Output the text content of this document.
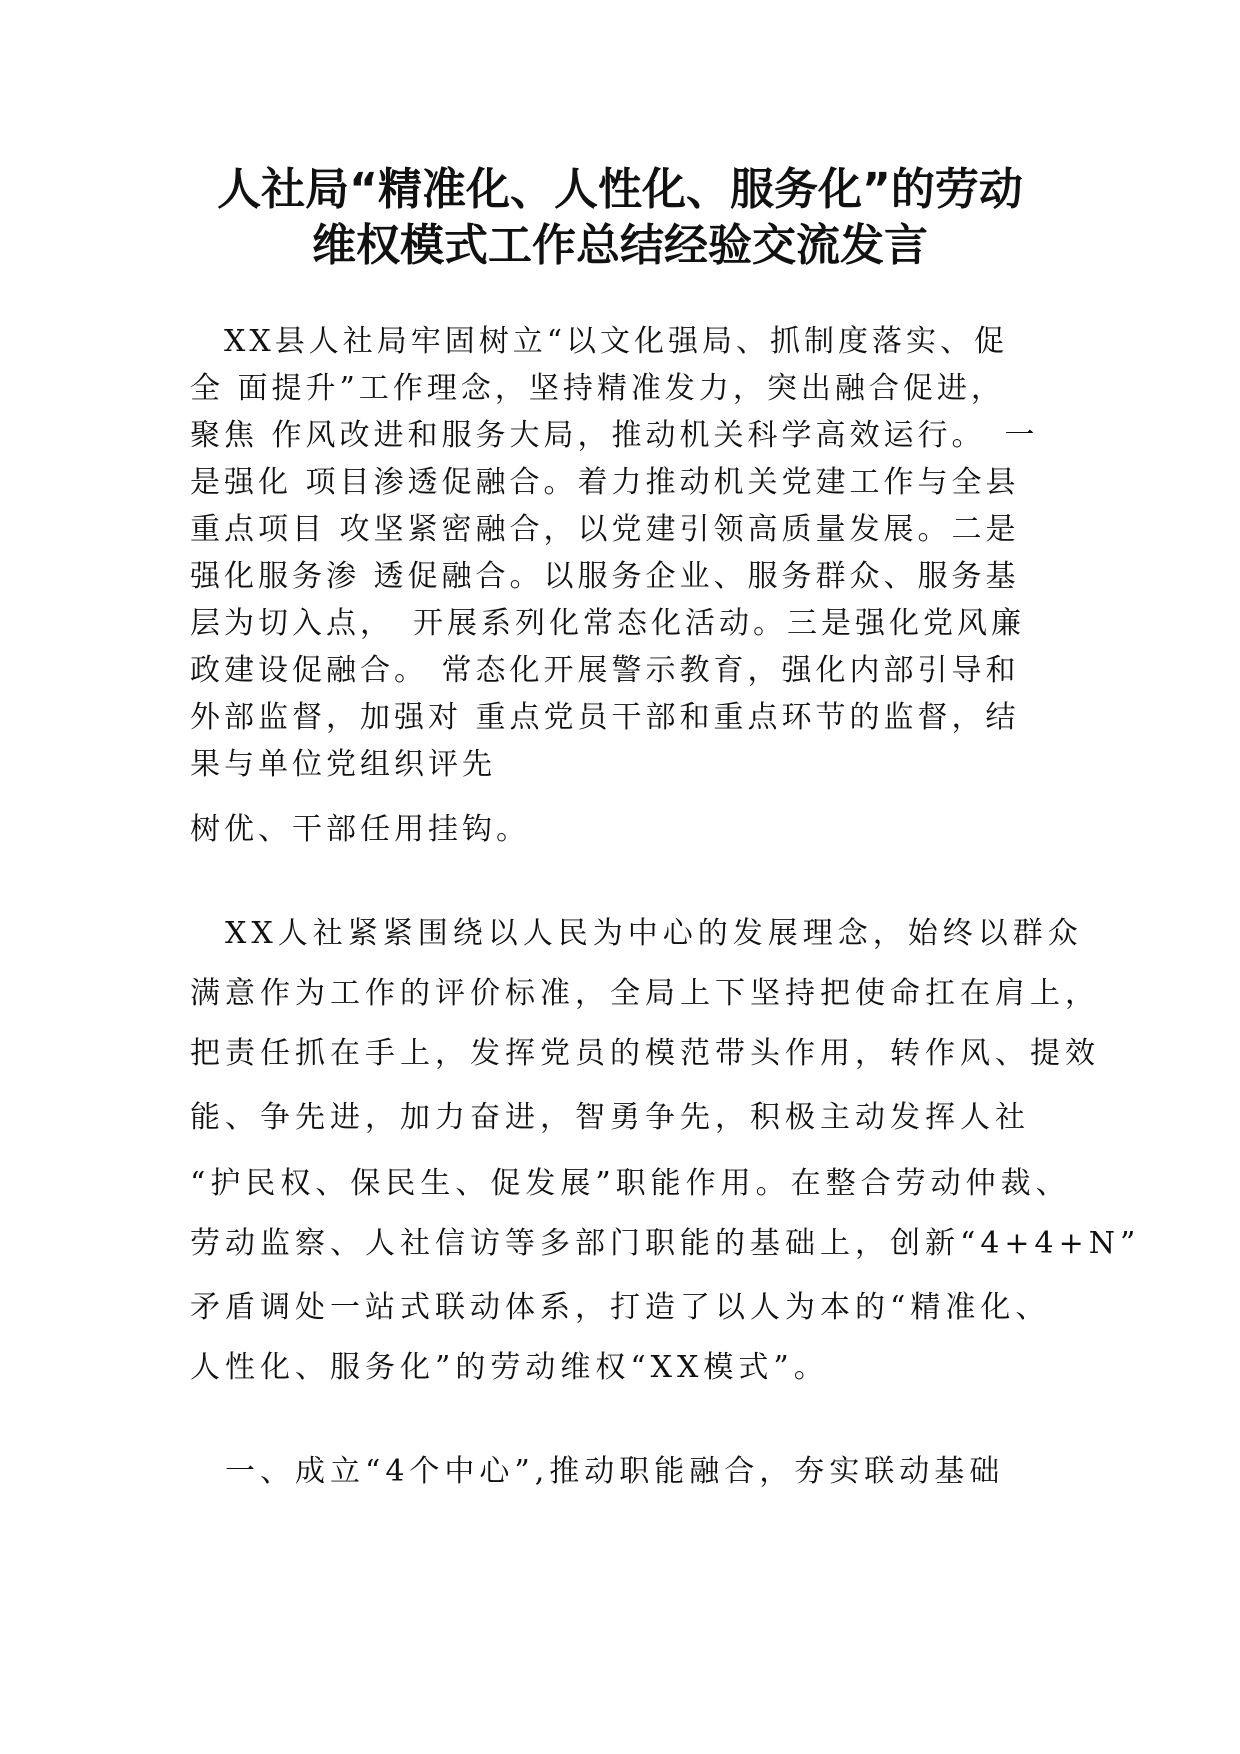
人社局“精准化、人性化、服务化”的劳动
维权模式工作总结经验交流发言

　XX县人社局牢固树立“以文化强局、抓制度落实、促

全 面提升”工作理念，坚持精准发力，突出融合促进，

聚焦 作风改进和服务大局，推动机关科学高效运行。　一

是强化 项目渗透促融合。着力推动机关党建工作与全县

重点项目 攻坚紧密融合，以党建引领高质量发展。二是

强化服务渗 透促融合。以服务企业、服务群众、服务基

层为切入点，　开展系列化常态化活动。三是强化党风廉

政建设促融合。 常态化开展警示教育，强化内部引导和

外部监督，加强对 重点党员干部和重点环节的监督，结

果与单位党组织评先

树优、干部任用挂钩。

　XX人社紧紧围绕以人民为中心的发展理念，始终以群众

满意作为工作的评价标准，全局上下坚持把使命扛在肩上，

把责任抓在手上，发挥党员的模范带头作用，转作风、提效

能、争先进，加力奋进，智勇争先，积极主动发挥人社

“护民权、保民生、促发展”职能作用。在整合劳动仲裁、

劳动监察、人社信访等多部门职能的基础上，创新“4+4+N”

矛盾调处一站式联动体系，打造了以人为本的“精准化、

人性化、服务化”的劳动维权“XX模式”。

　一、成立“4个中心”,推动职能融合，夯实联动基础
